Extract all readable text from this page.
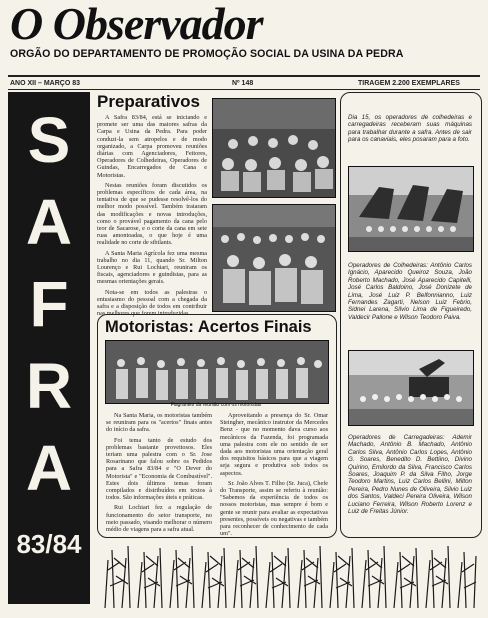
O Observador
ORGÃO DO DEPARTAMENTO DE PROMOÇÃO SOCIAL DA USINA DA PEDRA
ANO XII – MARÇO 83	Nº 148	TIRAGEM 2.200 EXEMPLARES
S
A
F
R
A
83/84
Preparativos

A Safra 83/84, está se iniciando e promete ser uma das maiores safras da Carpa e Usina da Pedra. Para poder conduzi-la sem atropelos e de modo organizado, a Carpa promoveu reuniões diárias com Agenciadores, Feitores, Operadores de Colhedeiras, Operadores de Guindas, Encarregados de Cana e Motoristas.

Nestas reuniões foram discutidos os problemas específicos de cada área, na tentativa de que se pudesse resolvê-los do melhor modo possível. Também trataram das modificações e novas introduções, como o provável pagamento da cana pelo teor de Sacarose, e o corte da cana em sete ruas amontoadas, o que hoje é uma realidade no corte de sibilants.

A Santa Maria Agrícola fez uma mesma trabalho no dia 11, quando Sr. Milton Lourenço e Rui Lochiari, reuniram os fiscais, agenciadores e guindistas, para as mesmas orientações gerais.

Nota-se em todos as palestras o entusiasmo do pessoal com a chegada da safra e a disposição de todos em contribuir nas melhores que forem introduzidas.

Motoristas: Acertos Finais
Flagrantes da reunião com os motoristas

Na Santa Maria, os motoristas também se reuniram para os "acertos" finais antes do início da safra.

Foi tema tanto de estudo dos problemas bastante proveitosos. Eles teriam uma palestra com o Sr. Jose Rosarinano que falou sobre os Pedidos para a Safra 83/84 e "O Dever do Motorista" e "Economia de Combustível". Estes dois últimos temas foram compilados e distribuídos em textos à todos. São informações úteis e práticas.

Rui Lochiari fez a regulação de funcionamento do setor transporte, no meio passado, visando melhorar o número médio de viagens para a safra atual.

Aproveitando a presença do Sr. Omar Steingher, mecânico instrutor da Mercedes Benz - que no momento dava curso aos mecânicos da Fazenda, foi programada uma palestra com ele no sentido de ser dada aos motoristas uma orientação geral dos requisitos básicos para que a viagem seja segura e produtiva sob todos os aspectos.

Sr. João Alves T. Filho (Sr. Juca), Chefe do Transporte, assim se referiu à reunião: "Sabemos da experiência de todos os nossos motoristas, mas sempre é bom e gente se reunir para avaliar as expectativas presentes, possíveis ou negativas e também para reconhecer de conhecimento de cada um".

Dia 15, os operadores de colhedeiras e carregadeiras receberam suas máquinas para trabalhar durante a safra. Antes de sair para os canaviais, eles posaram para a foto.
Operadores de Colhedeiras: Antônio Carlos Ignácio, Aparecido Queiroz Souza, João Roberto Machado, José Aparecido Capitelli, José Carlos Baldoino, José Donizete de Lima, José Luiz P. Belfonnianno, Luiz Fernandes Zagarti, Nelson Luiz Febrio, Sidnei Larena, Sílvio Lima de Figueiredo, Valdecir Pallone e Wilson Teodoro Paiva.
Operadores de Carregadeiras: Ademir Machado, Antônio B. Machado, Antônio Carlos Silva, Antônio Carlos Lopes, Antônio G. Soares, Benedito D. Bettiino, Divino Quirino, Emilordo da Silva, Francisco Carlos Soares, Joaquim P. da Silva Filho, Jorge Teodoro Martins, Luiz Carlos Bellini, Milton Pereira, Pedro Nunes de Oliveira, Silvio Luiz dos Santos, Valdeci Pereira Oliveira, Wilson Luciano Ferreira, Wilson Roberto Lorenz e Luiz de Freitas Júnior.
